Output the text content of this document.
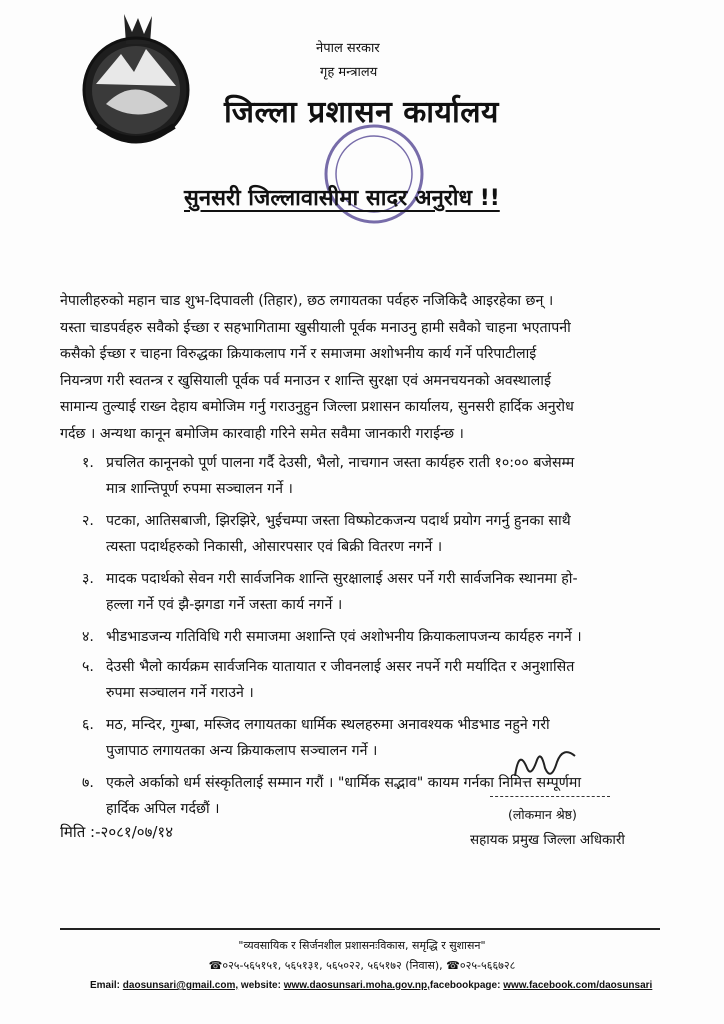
नेपाल सरकार
गृह मन्त्रालय
जिल्ला प्रशासन कार्यालय
सुनसरी जिल्लावासीमा सादर अनुरोध !!
नेपालीहरुको महान चाड शुभ-दिपावली (तिहार), छठ लगायतका पर्वहरु नजिकिदै आइरहेका छन् ।
यस्ता चाडपर्वहरु सवैको ईच्छा र सहभागितामा खुसीयाली पूर्वक मनाउनु हामी सवैको चाहना भएतापनी
कसैको ईच्छा र चाहना विरुद्धका क्रियाकलाप गर्ने र समाजमा अशोभनीय कार्य गर्ने परिपाटीलाई
नियन्त्रण गरी स्वतन्त्र र खुसियाली पूर्वक पर्व मनाउन र शान्ति सुरक्षा एवं अमनचयनको अवस्थालाई
सामान्य तुल्याई राख्न देहाय बमोजिम गर्नु गराउनुहुन जिल्ला प्रशासन कार्यालय, सुनसरी हार्दिक अनुरोध
गर्दछ । अन्यथा कानून बमोजिम कारवाही गरिने समेत सवैमा जानकारी गराईन्छ ।
१. प्रचलित कानूनको पूर्ण पालना गर्दै देउसी, भैलो, नाचगान जस्ता कार्यहरु राती १०:०० बजेसम्म
मात्र शान्तिपूर्ण रुपमा सञ्चालन गर्ने ।
२. पटका, आतिसबाजी, झिरझिरे, भुईचम्पा जस्ता विष्फोटकजन्य पदार्थ प्रयोग नगर्नु हुनका साथै
त्यस्ता पदार्थहरुको निकासी, ओसारपसार एवं बिक्री वितरण नगर्ने ।
३. मादक पदार्थको सेवन गरी सार्वजनिक शान्ति सुरक्षालाई असर पर्ने गरी सार्वजनिक स्थानमा हो-
हल्ला गर्ने एवं झै-झगडा गर्ने जस्ता कार्य नगर्ने ।
४. भीडभाडजन्य गतिविधि गरी समाजमा अशान्ति एवं अशोभनीय क्रियाकलापजन्य कार्यहरु नगर्ने ।
५. देउसी भैलो कार्यक्रम सार्वजनिक यातायात र जीवनलाई असर नपर्ने गरी मर्यादित र अनुशासित
रुपमा सञ्चालन गर्ने गराउने ।
६. मठ, मन्दिर, गुम्बा, मस्जिद लगायतका धार्मिक स्थलहरुमा अनावश्यक भीडभाड नहुने गरी
पुजापाठ लगायतका अन्य क्रियाकलाप सञ्चालन गर्ने ।
७. एकले अर्काको धर्म संस्कृतिलाई सम्मान गरौं । "धार्मिक सद्भाव" कायम गर्नका निमित्त सम्पूर्णमा
हार्दिक अपिल गर्दछौं ।	(लोकमान श्रेष्ठ)
सहायक प्रमुख जिल्ला अधिकारी
मिति :-२०८१/०७/१४
"व्यवसायिक र सिर्जनशील प्रशासनःविकास, समृद्धि र सुशासन"
☎०२५-५६५१५१, ५६५१३१, ५६५०२२, ५६५१७२ (निवास), ☎०२५-५६६७२८
Email: daosunsari@gmail.com, website: www.daosunsari.moha.gov.np,facebookpage: www.facebook.com/daosunsari
